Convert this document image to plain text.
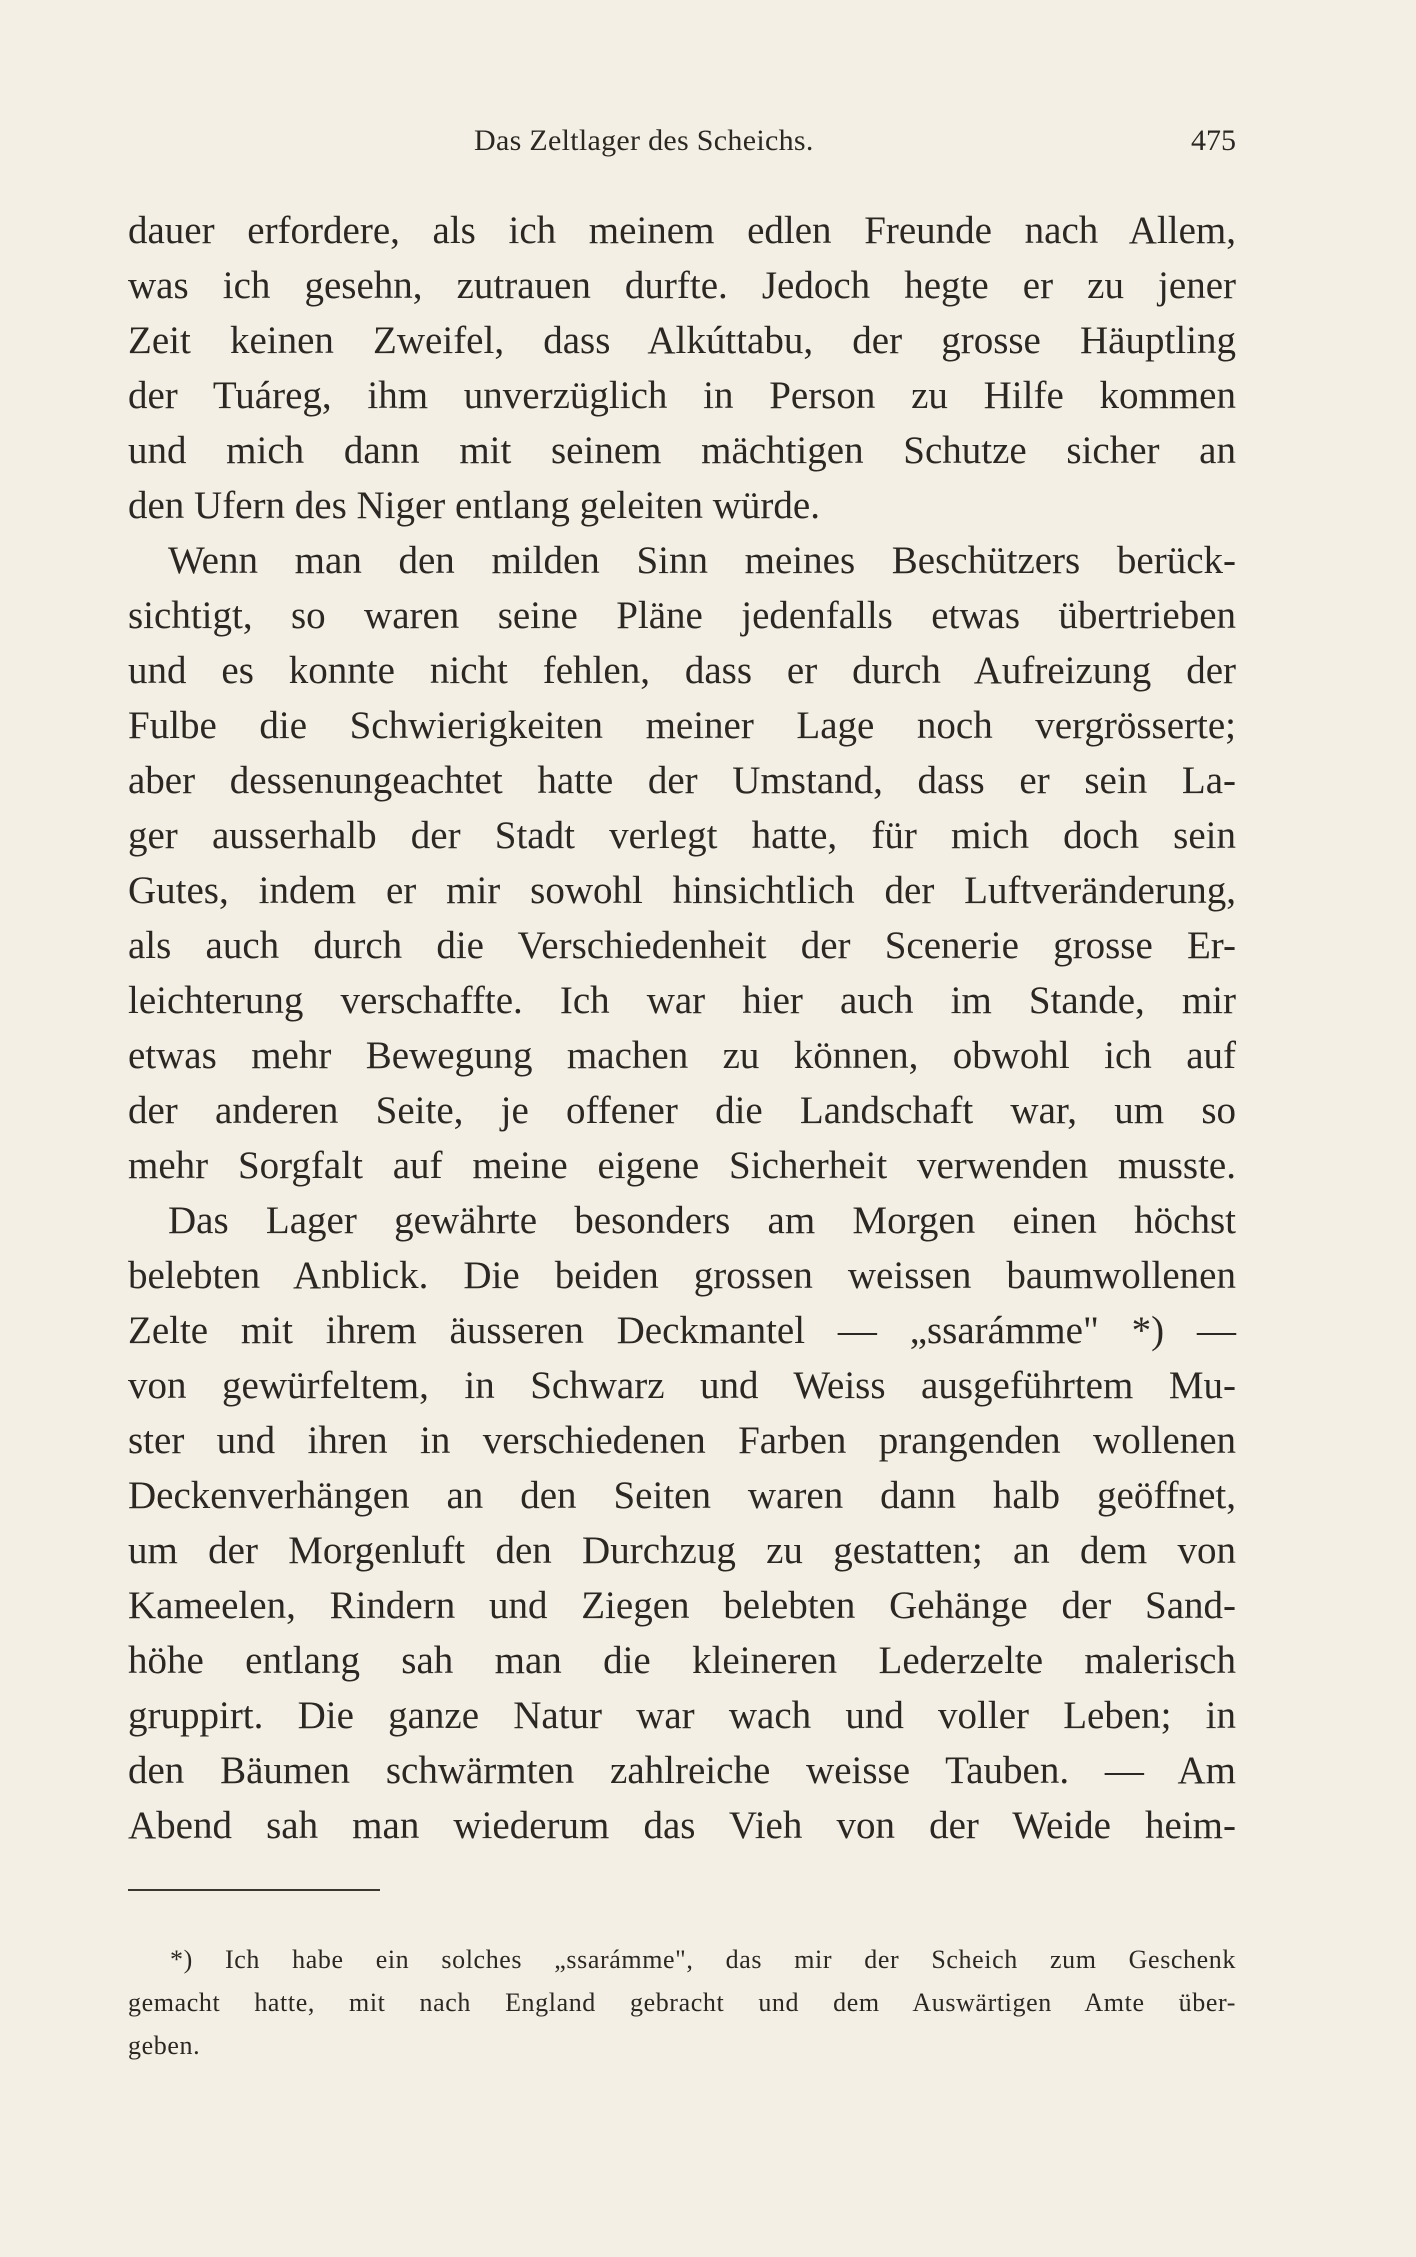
Das Zeltlager des Scheichs.	475
dauer erfordere, als ich meinem edlen Freunde nach Allem,
was ich gesehn, zutrauen durfte. Jedoch hegte er zu jener
Zeit keinen Zweifel, dass Alkúttabu, der grosse Häuptling
der Tuáreg, ihm unverzüglich in Person zu Hilfe kommen
und mich dann mit seinem mächtigen Schutze sicher an
den Ufern des Niger entlang geleiten würde.
Wenn man den milden Sinn meines Beschützers berück-
sichtigt, so waren seine Pläne jedenfalls etwas übertrieben
und es konnte nicht fehlen, dass er durch Aufreizung der
Fulbe die Schwierigkeiten meiner Lage noch vergrösserte;
aber dessenungeachtet hatte der Umstand, dass er sein La-
ger ausserhalb der Stadt verlegt hatte, für mich doch sein
Gutes, indem er mir sowohl hinsichtlich der Luftveränderung,
als auch durch die Verschiedenheit der Scenerie grosse Er-
leichterung verschaffte. Ich war hier auch im Stande, mir
etwas mehr Bewegung machen zu können, obwohl ich auf
der anderen Seite, je offener die Landschaft war, um so
mehr Sorgfalt auf meine eigene Sicherheit verwenden musste.
Das Lager gewährte besonders am Morgen einen höchst
belebten Anblick. Die beiden grossen weissen baumwollenen
Zelte mit ihrem äusseren Deckmantel — „ssarámme" *) —
von gewürfeltem, in Schwarz und Weiss ausgeführtem Mu-
ster und ihren in verschiedenen Farben prangenden wollenen
Deckenverhängen an den Seiten waren dann halb geöffnet,
um der Morgenluft den Durchzug zu gestatten; an dem von
Kameelen, Rindern und Ziegen belebten Gehänge der Sand-
höhe entlang sah man die kleineren Lederzelte malerisch
gruppirt. Die ganze Natur war wach und voller Leben; in
den Bäumen schwärmten zahlreiche weisse Tauben. — Am
Abend sah man wiederum das Vieh von der Weide heim-
*) Ich habe ein solches „ssarámme", das mir der Scheich zum Geschenk
gemacht hatte, mit nach England gebracht und dem Auswärtigen Amte über-
geben.
